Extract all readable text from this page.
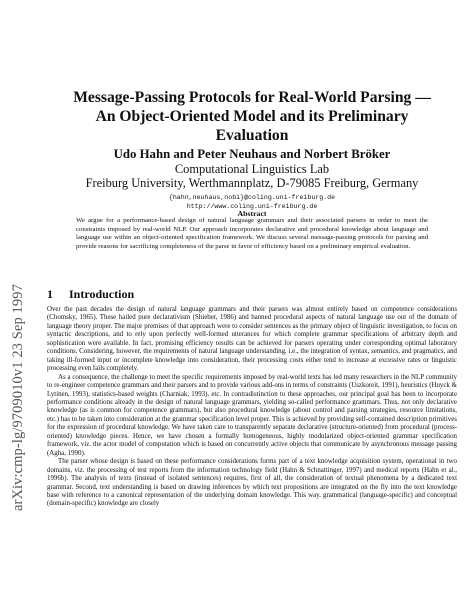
arXiv:cmp-lg/9709010v1 23 Sep 1997
Message-Passing Protocols for Real-World Parsing —
An Object-Oriented Model and its Preliminary
Evaluation
Udo Hahn and Peter Neuhaus and Norbert Bröker
Computational Linguistics Lab
Freiburg University, Werthmannplatz, D-79085 Freiburg, Germany
{hahn,neuhaus,nobi}@coling.uni-freiburg.de
http://www.coling.uni-freiburg.de
Abstract
We argue for a performance-based design of natural language grammars and their associated parsers in order to meet the constraints imposed by real-world NLP. Our approach incorporates declarative and procedural knowledge about language and language use within an object-oriented specification framework. We discuss several message-passing protocols for parsing and provide reasons for sacrificing completeness of the parse in favor of efficiency based on a preliminary empirical evaluation.
1 Introduction

Over the past decades the design of natural language grammars and their parsers was almost entirely based on competence considerations (Chomsky, 1965). These hailed pure declarativism (Shieber, 1986) and banned procedural aspects of natural language use out of the domain of language theory proper. The major premises of that approach were to consider sentences as the primary object of linguistic investigation, to focus on syntactic descriptions, and to rely upon perfectly well-formed utterances for which complete grammar specifications of arbitrary depth and sophistication were available. In fact, promising efficiency results can be achieved for parsers operating under corresponding optimal laboratory conditions. Considering, however, the requirements of natural language understanding, i.e., the integration of syntax, semantics, and pragmatics, and taking ill-formed input or incomplete knowledge into consideration, their processing costs either tend to increase at excessive rates or linguistic processing even fails completely.

As a consequence, the challenge to meet the specific requirements imposed by real-world texts has led many researchers in the NLP community to re-engineer competence grammars and their parsers and to provide various add-ons in terms of constraints (Uszkoreit, 1991), heuristics (Huyck & Lytinen, 1993), statistics-based weights (Charniak, 1993), etc. In contradistinction to these approaches, our principal goal has been to incorporate performance conditions already in the design of natural language grammars, yielding so-called performance grammars. Thus, not only declarative knowledge (as is common for competence grammars), but also procedural knowledge (about control and parsing strategies, resource limitations, etc.) has to be taken into consideration at the grammar specification level proper. This is achieved by providing self-contained description primitives for the expression of procedural knowledge. We have taken care to transparently separate declarative (structure-oriented) from procedural (process-oriented) knowledge pieces. Hence, we have chosen a formally homogeneous, highly modularized object-oriented grammar specification framework, viz. the actor model of computation which is based on concurrently active objects that communicate by asynchronous message passing (Agha, 1990).

The parser whose design is based on these performance considerations forms part of a text knowledge acquisition system, operational in two domains, viz. the processing of test reports from the information technology field (Hahn & Schnattinger, 1997) and medical reports (Hahn et al., 1996b). The analysis of texts (instead of isolated sentences) requires, first of all, the consideration of textual phenomena by a dedicated text grammar. Second, text understanding is based on drawing inferences by which text propositions are integrated on the fly into the text knowledge base with reference to a canonical representation of the underlying domain knowledge. This way, grammatical (language-specific) and conceptual (domain-specific) knowledge are closely
